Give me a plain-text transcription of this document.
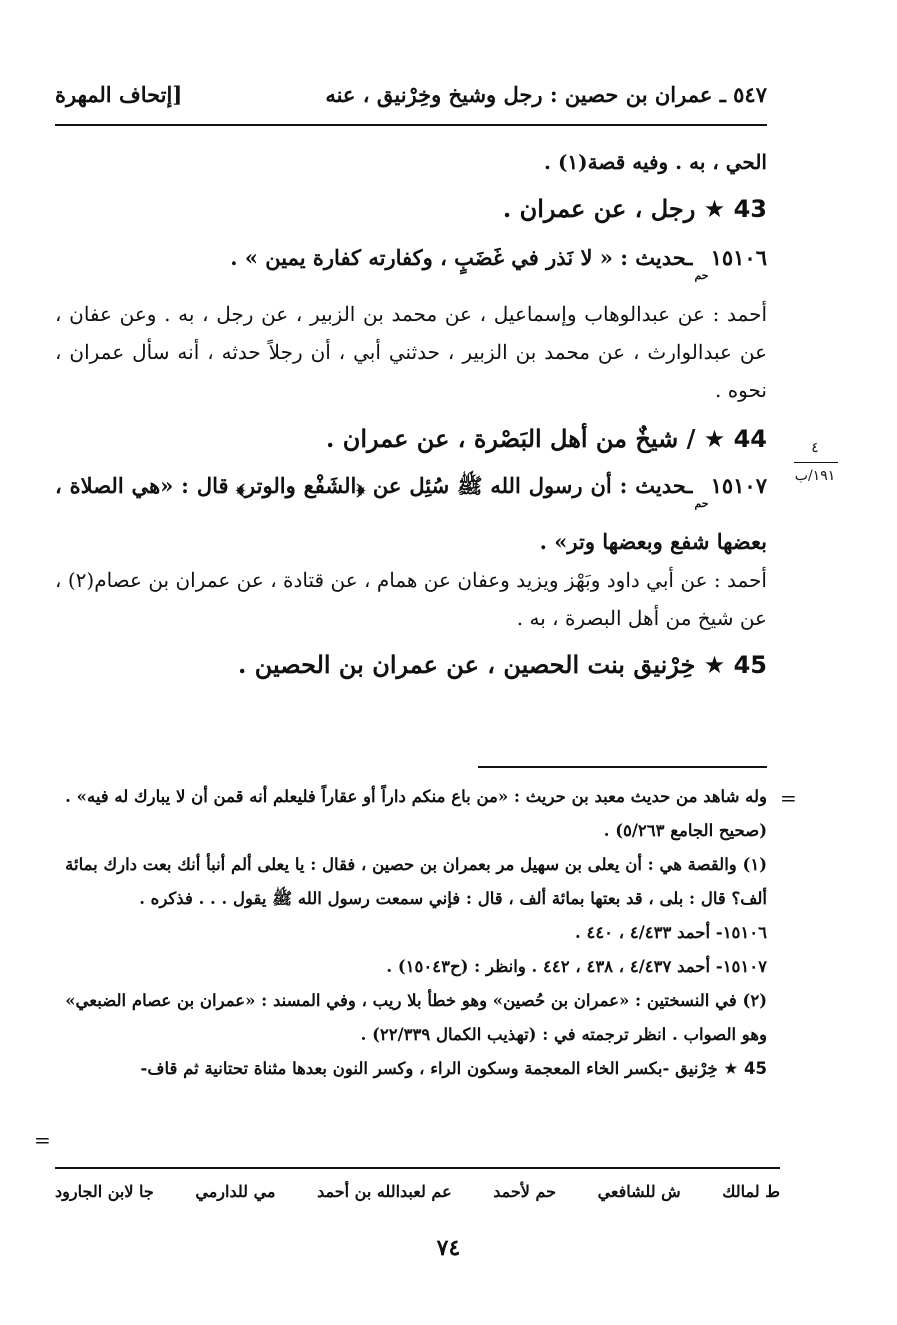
٥٤٧ ـ عمران بن حصين : رجل وشيخ وخِرْنيق ، عنه
[إتحاف المهرة

الحي ، به . وفيه قصة(١) .

43 ★ رجل ، عن عمران .

١٥١٠٦حمـحديث : « لا نَذر في غَضَبٍ ، وكفارته كفارة يمين » .

أحمد : عن عبدالوهاب وإسماعيل ، عن محمد بن الزبير ، عن رجل ، به . وعن عفان ، عن عبدالوارث ، عن محمد بن الزبير ، حدثني أبي ، أن رجلاً حدثه ، أنه سأل عمران ، نحوه .

44 ★ / شيخٌ من أهل البَصْرة ، عن عمران .

١٥١٠٧حمـحديث : أن رسول الله ﷺ سُئِل عن ﴿الشَفْع والوتر﴾ قال : «هي الصلاة ، بعضها شفع وبعضها وتر» .

أحمد : عن أبي داود وبَهْز ويزيد وعفان عن همام ، عن قتادة ، عن عمران بن عصام(٢) ، عن شيخ من أهل البصرة ، به .

45 ★ خِرْنيق بنت الحصين ، عن عمران بن الحصين .

٤
١٩١/ب
=

وله شاهد من حديث معبد بن حريث : «من باع منكم داراً أو عقاراً فليعلم أنه قمن أن لا يبارك له فيه» . (صحيح الجامع ٥/٢٦٣) .

(١) والقصة هي : أن يعلى بن سهيل مر بعمران بن حصين ، فقال : يا يعلى ألم أنبأ أنك بعت دارك بمائة ألف؟ قال : بلى ، قد بعتها بمائة ألف ، قال : فإني سمعت رسول الله ﷺ يقول . . . فذكره .

١٥١٠٦- أحمد ٤/٤٣٣ ، ٤٤٠ .

١٥١٠٧- أحمد ٤/٤٣٧ ، ٤٣٨ ، ٤٤٢ . وانظر : (ح١٥٠٤٣) .

(٢) في النسختين : «عمران بن حُصين» وهو خطأ بلا ريب ، وفي المسند : «عمران بن عصام الضبعي» وهو الصواب . انظر ترجمته في : (تهذيب الكمال ٢٢/٣٣٩) .

45 ★ خِرْنيق -بكسر الخاء المعجمة وسكون الراء ، وكسر النون بعدها مثناة تحتانية ثم قاف-

=
ط لمالك
ش للشافعي
حم لأحمد
عم لعبدالله بن أحمد
مي للدارمي
جا لابن الجارود
٧٤
